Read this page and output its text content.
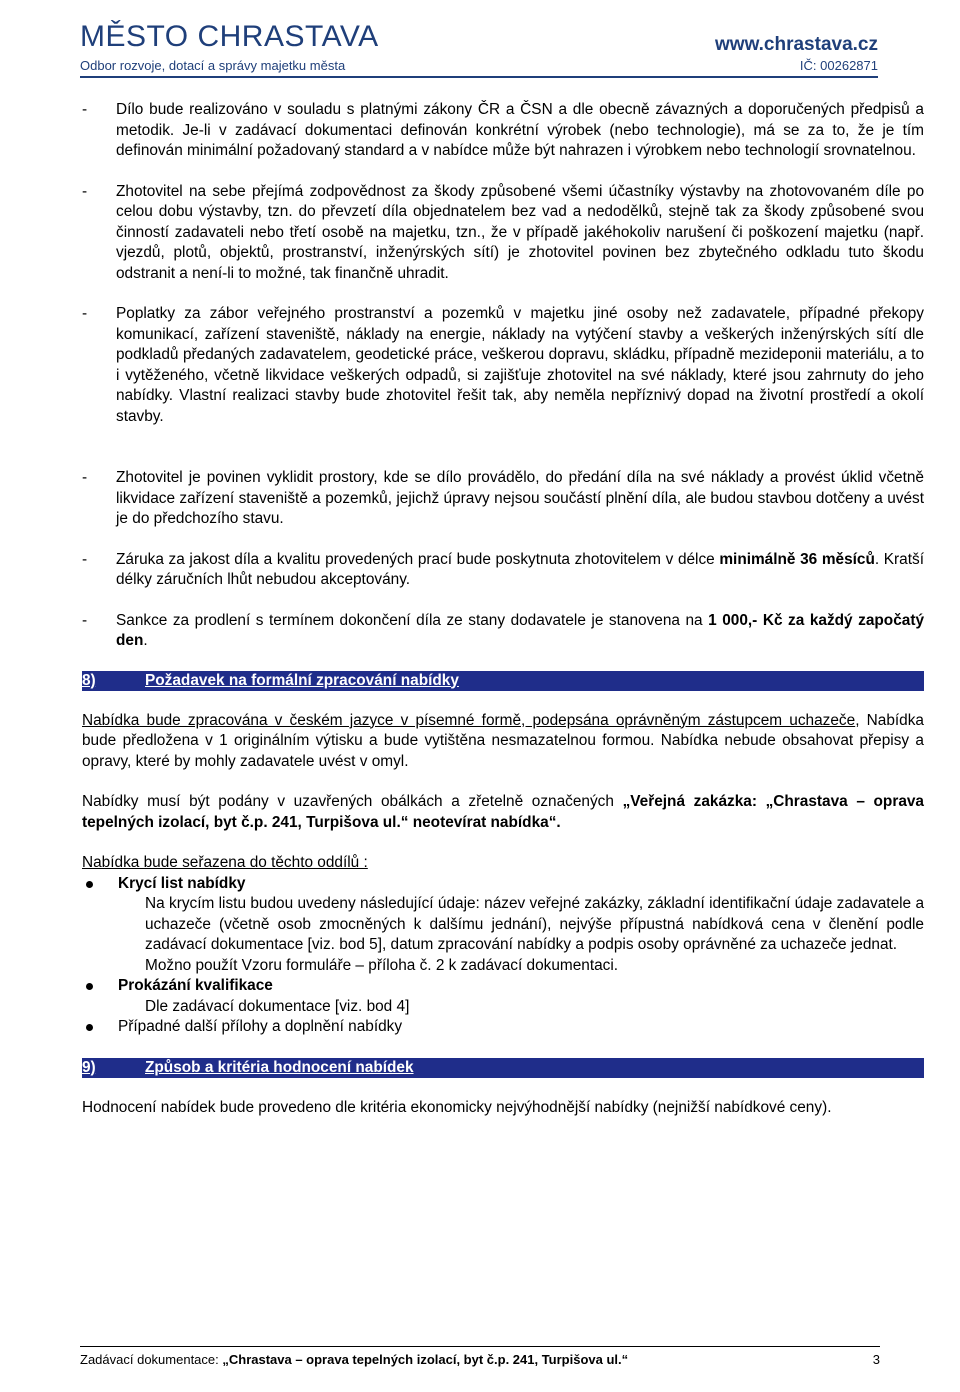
MĚSTO CHRASTAVA
Odbor rozvoje, dotací a správy majetku města
www.chrastava.cz
IČ: 00262871
- Dílo bude realizováno v souladu s platnými zákony ČR a ČSN a dle obecně závazných a doporučených předpisů a metodik. Je-li v zadávací dokumentaci definován konkrétní výrobek (nebo technologie), má se za to, že je tím definován minimální požadovaný standard a v nabídce může být nahrazen i výrobkem nebo technologií srovnatelnou.
- Zhotovitel na sebe přejímá zodpovědnost za škody způsobené všemi účastníky výstavby na zhotovovaném díle po celou dobu výstavby, tzn. do převzetí díla objednatelem bez vad a nedodělků, stejně tak za škody způsobené svou činností zadavateli nebo třetí osobě na majetku, tzn., že v případě jakéhokoliv narušení či poškození majetku (např. vjezdů, plotů, objektů, prostranství, inženýrských sítí) je zhotovitel povinen bez zbytečného odkladu tuto škodu odstranit a není-li to možné, tak finančně uhradit.
- Poplatky za zábor veřejného prostranství a pozemků v majetku jiné osoby než zadavatele, případné překopy komunikací, zařízení staveniště, náklady na energie, náklady na vytýčení stavby a veškerých inženýrských sítí dle podkladů předaných zadavatelem, geodetické práce, veškerou dopravu, skládku, případně mezideponii materiálu, a to i vytěženého, včetně likvidace veškerých odpadů, si zajišťuje zhotovitel na své náklady, které jsou zahrnuty do jeho nabídky. Vlastní realizaci stavby bude zhotovitel řešit tak, aby neměla nepříznivý dopad na životní prostředí a okolí stavby.
- Zhotovitel je povinen vyklidit prostory, kde se dílo provádělo, do předání díla na své náklady a provést úklid včetně likvidace zařízení staveniště a pozemků, jejichž úpravy nejsou součástí plnění díla, ale budou stavbou dotčeny a uvést je do předchozího stavu.
- Záruka za jakost díla a kvalitu provedených prací bude poskytnuta zhotovitelem v délce minimálně 36 měsíců. Kratší délky záručních lhůt nebudou akceptovány.
- Sankce za prodlení s termínem dokončení díla ze stany dodavatele je stanovena na 1 000,- Kč za každý započatý den.
8)	Požadavek na formální zpracování nabídky

Nabídka bude zpracována v českém jazyce v písemné formě, podepsána oprávněným zástupcem uchazeče, Nabídka bude předložena v 1 originálním výtisku a bude vytištěna nesmazatelnou formou. Nabídka nebude obsahovat přepisy a opravy, které by mohly zadavatele uvést v omyl.

Nabídky musí být podány v uzavřených obálkách a zřetelně označených „Veřejná zakázka: „Chrastava – oprava tepelných izolací, byt č.p. 241, Turpišova ul.“ neotevírat nabídka“.

Nabídka bude seřazena do těchto oddílů :

Krycí list nabídky
Na krycím listu budou uvedeny následující údaje: název veřejné zakázky, základní identifikační údaje zadavatele a uchazeče (včetně osob zmocněných k dalšímu jednání), nejvýše přípustná nabídková cena v členění podle zadávací dokumentace [viz. bod 5], datum zpracování nabídky a podpis osoby oprávněné za uchazeče jednat.
Možno použít Vzoru formuláře – příloha č. 2 k zadávací dokumentaci.
Prokázání kvalifikace
Dle zadávací dokumentace [viz. bod 4]
Případné další přílohy a doplnění nabídky
9)	Způsob a kritéria hodnocení nabídek

Hodnocení nabídek bude provedeno dle kritéria ekonomicky nejvýhodnější nabídky (nejnižší nabídkové ceny).

Zadávací dokumentace: „Chrastava – oprava tepelných izolací, byt č.p. 241, Turpišova ul.“	3
